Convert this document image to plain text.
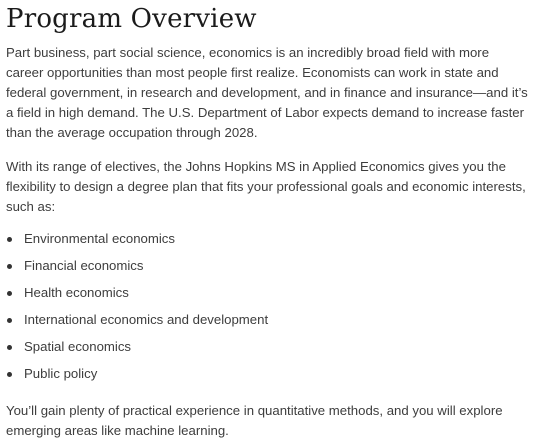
Program Overview

Part business, part social science, economics is an incredibly broad field with more career opportunities than most people first realize. Economists can work in state and federal government, in research and development, and in finance and insurance—and it’s a field in high demand. The U.S. Department of Labor expects demand to increase faster than the average occupation through 2028.

With its range of electives, the Johns Hopkins MS in Applied Economics gives you the flexibility to design a degree plan that fits your professional goals and economic interests, such as:

Environmental economics
Financial economics
Health economics
International economics and development
Spatial economics
Public policy

You’ll gain plenty of practical experience in quantitative methods, and you will explore emerging areas like machine learning.
